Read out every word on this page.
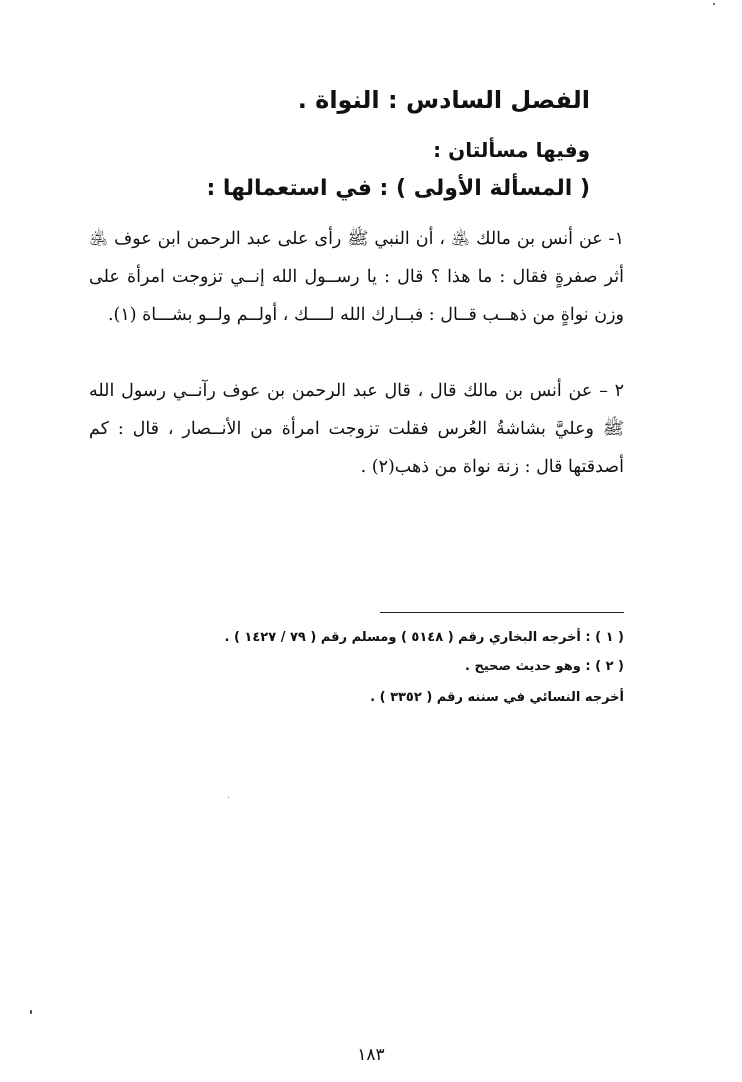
الفصل السادس : النواة .
وفيها مسألتان :
( المسألة الأولى ) : في استعمالها :
١- عن أنس بن مالك ﵁ ، أن النبي ﷺ رأى على عبد الرحمن ابن عوف ﵁ أثر صفرةٍ فقال : ما هذا ؟ قال : يا رســول الله إنــي تزوجت امرأة على وزن نواةٍ من ذهــب قــال : فبــارك الله لــــك ، أولــم ولــو بشـــاة (١).
٢ – عن أنس بن مالك قال ، قال عبد الرحمن بن عوف رآنــي رسول الله ﷺ وعليَّ بشاشةُ العُرس فقلت تزوجت امرأة من الأنــصار ، قال : كم أصدقتها قال : زنة نواة من ذهب(٢) .
( ١ ) : أخرجه البخاري رقم ( ٥١٤٨ ) ومسلم رقم ( ٧٩ / ١٤٢٧ ) .
( ٢ ) : وهو حديث صحيح .
أخرجه النسائي في سننه رقم ( ٣٣٥٢ ) .
١٨٣
